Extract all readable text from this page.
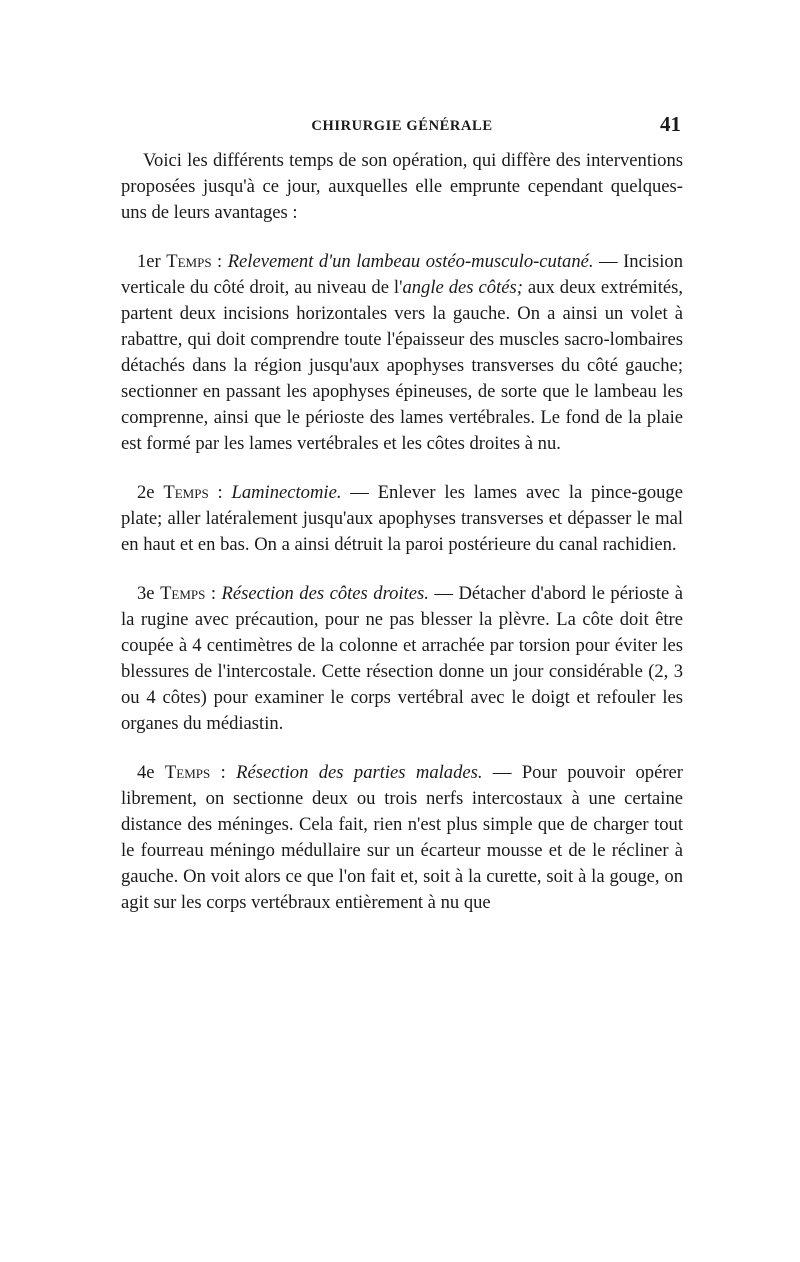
CHIRURGIE GÉNÉRALE	41

Voici les différents temps de son opération, qui diffère des interventions proposées jusqu'à ce jour, auxquelles elle emprunte cependant quelques-uns de leurs avantages :

1er Temps : Relevement d'un lambeau ostéo-musculo-cutané. — Incision verticale du côté droit, au niveau de l'angle des côtés; aux deux extrémités, partent deux incisions horizontales vers la gauche. On a ainsi un volet à rabattre, qui doit comprendre toute l'épaisseur des muscles sacro-lombaires détachés dans la région jusqu'aux apophyses transverses du côté gauche; sectionner en passant les apophyses épineuses, de sorte que le lambeau les comprenne, ainsi que le périoste des lames vertébrales. Le fond de la plaie est formé par les lames vertébrales et les côtes droites à nu.

2e Temps : Laminectomie. — Enlever les lames avec la pince-gouge plate; aller latéralement jusqu'aux apophyses transverses et dépasser le mal en haut et en bas. On a ainsi détruit la paroi postérieure du canal rachidien.

3e Temps : Résection des côtes droites. — Détacher d'abord le périoste à la rugine avec précaution, pour ne pas blesser la plèvre. La côte doit être coupée à 4 centimètres de la colonne et arrachée par torsion pour éviter les blessures de l'intercostale. Cette résection donne un jour considérable (2, 3 ou 4 côtes) pour examiner le corps vertébral avec le doigt et refouler les organes du médiastin.

4e Temps : Résection des parties malades. — Pour pouvoir opérer librement, on sectionne deux ou trois nerfs intercostaux à une certaine distance des méninges. Cela fait, rien n'est plus simple que de charger tout le fourreau méningo médullaire sur un écarteur mousse et de le récliner à gauche. On voit alors ce que l'on fait et, soit à la curette, soit à la gouge, on agit sur les corps vertébraux entièrement à nu que
